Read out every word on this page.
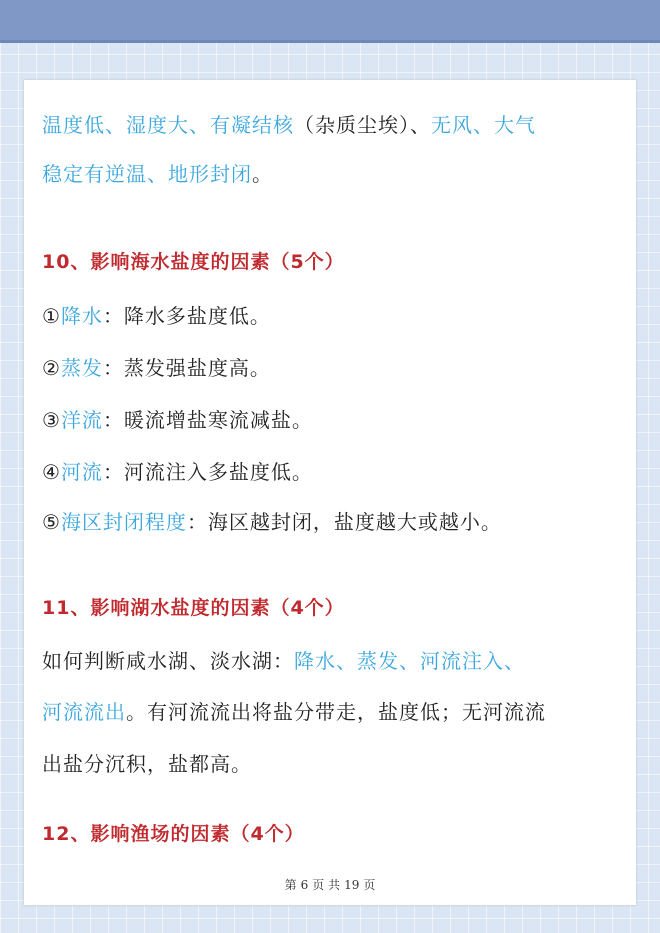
温度低、湿度大、有凝结核（杂质尘埃）、无风、大气
稳定有逆温、地形封闭。
10、影响海水盐度的因素（5个）
①降水：降水多盐度低。
②蒸发：蒸发强盐度高。
③洋流：暖流增盐寒流减盐。
④河流：河流注入多盐度低。
⑤海区封闭程度：海区越封闭，盐度越大或越小。
11、影响湖水盐度的因素（4个）
如何判断咸水湖、淡水湖：降水、蒸发、河流注入、
河流流出。有河流流出将盐分带走，盐度低；无河流流
出盐分沉积，盐都高。
12、影响渔场的因素（4个）
第 6 页 共 19 页
